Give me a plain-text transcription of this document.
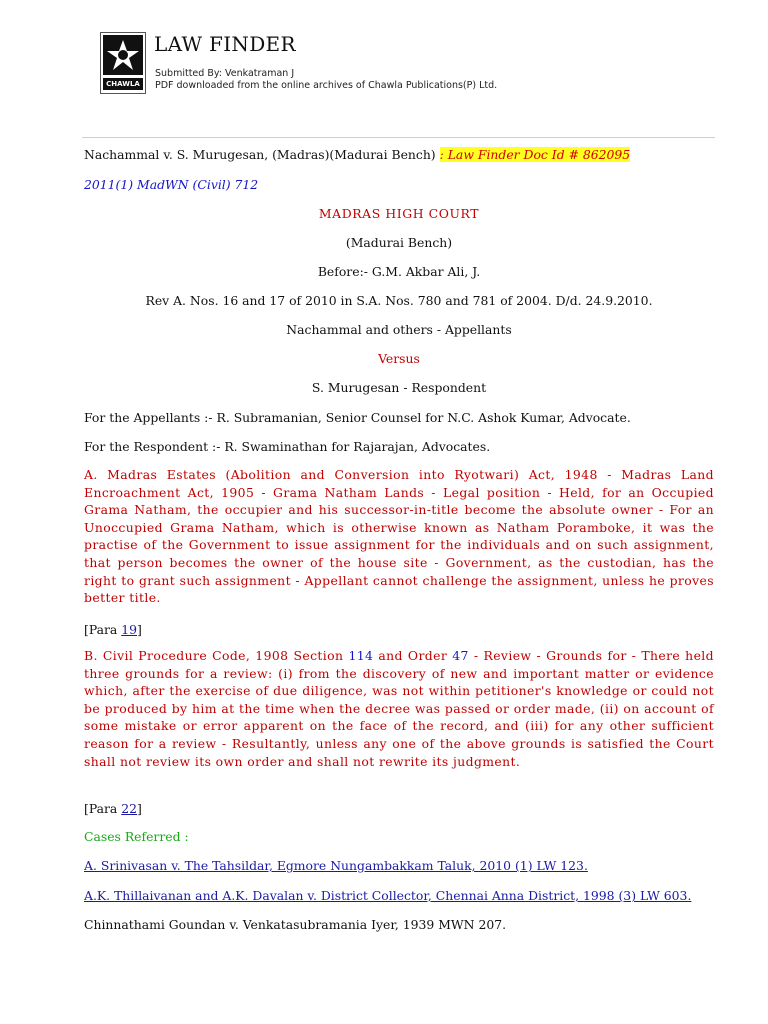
CHAWLA
LAW FINDER
Submitted By: Venkatraman J
PDF downloaded from the online archives of Chawla Publications(P) Ltd.
Nachammal v. S. Murugesan, (Madras)(Madurai Bench) : Law Finder Doc Id # 862095
2011(1) MadWN (Civil) 712
MADRAS HIGH COURT
(Madurai Bench)
Before:- G.M. Akbar Ali, J.
Rev A. Nos. 16 and 17 of 2010 in S.A. Nos. 780 and 781 of 2004. D/d. 24.9.2010.
Nachammal and others - Appellants
Versus
S. Murugesan - Respondent
For the Appellants :- R. Subramanian, Senior Counsel for N.C. Ashok Kumar, Advocate.
For the Respondent :- R. Swaminathan for Rajarajan, Advocates.
A. Madras Estates (Abolition and Conversion into Ryotwari) Act, 1948 - Madras Land Encroachment Act, 1905 - Grama Natham Lands - Legal position - Held, for an Occupied Grama Natham, the occupier and his successor-in-title become the absolute owner - For an Unoccupied Grama Natham, which is otherwise known as Natham Poramboke, it was the practise of the Government to issue assignment for the individuals and on such assignment, that person becomes the owner of the house site - Government, as the custodian, has the right to grant such assignment - Appellant cannot challenge the assignment, unless he proves better title.
[Para 19]
B. Civil Procedure Code, 1908 Section 114 and Order 47 - Review - Grounds for - There held three grounds for a review: (i) from the discovery of new and important matter or evidence which, after the exercise of due diligence, was not within petitioner's knowledge or could not be produced by him at the time when the decree was passed or order made, (ii) on account of some mistake or error apparent on the face of the record, and (iii) for any other sufficient reason for a review - Resultantly, unless any one of the above grounds is satisfied the Court shall not review its own order and shall not rewrite its judgment.
[Para 22]
Cases Referred :
A. Srinivasan v. The Tahsildar, Egmore Nungambakkam Taluk, 2010 (1) LW 123.
A.K. Thillaivanan and A.K. Davalan v. District Collector, Chennai Anna District, 1998 (3) LW 603.
Chinnathami Goundan v. Venkatasubramania Iyer, 1939 MWN 207.
